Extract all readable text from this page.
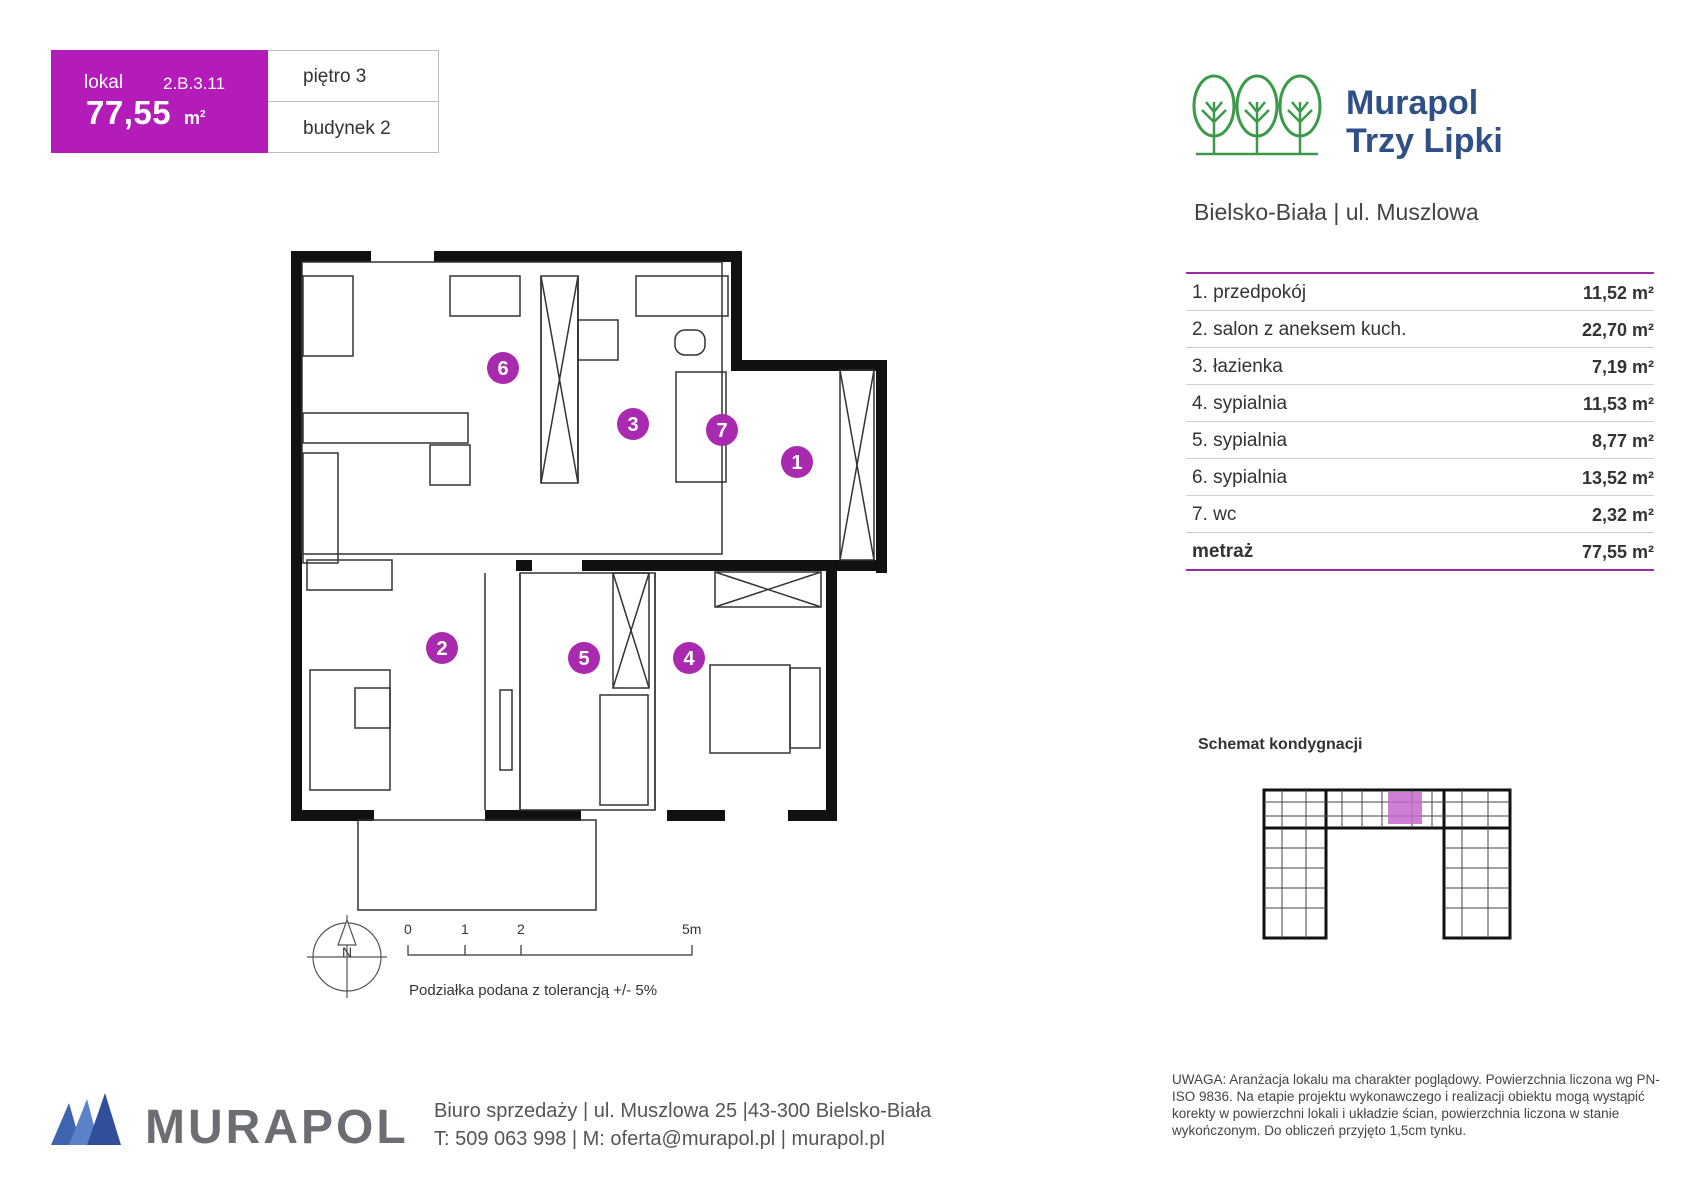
lokal 2.B.3.11
77,55 $m^2$
piętro 3
budynek 2
Murapol
Trzy Lipki
Bielsko-Biała | ul. Muszlowa
1. przedpokój	11,52 m²
2. salon z aneksem kuch.	22,70 m²
3. łazienka	7,19 m²
4. sypialnia	11,53 m²
5. sypialnia	8,77 m²
6. sypialnia	13,52 m²
7. wc	2,32 m²
metraż	77,55 m²
1
2
3
4
5
6
7
N
0	1	2	5m
Podziałka podana z tolerancją +/- 5%
Schemat kondygnacji
MURAPOL Biuro sprzedaży | ul. Muszlowa 25 |43-300 Bielsko-Biała
T: 509 063 998 | M: oferta@murapol.pl | murapol.pl
UWAGA: Aranżacja lokalu ma charakter poglądowy. Powierzchnia liczona wg PN-ISO 9836. Na etapie projektu wykonawczego i realizacji obiektu mogą wystąpić korekty w powierzchni lokali i układzie ścian, powierzchnia liczona w stanie wykończonym. Do obliczeń przyjęto 1,5cm tynku.
